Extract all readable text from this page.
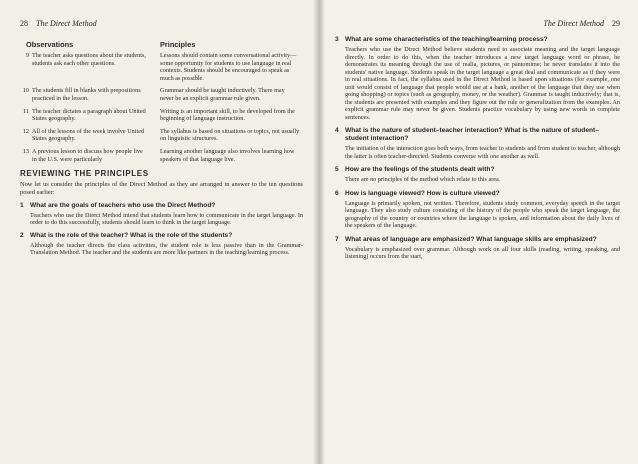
28 The Direct Method
Observations	Principles
9 The teacher asks questions about the students, students ask each other questions.
Lessons should contain some conversational activity—some opportunity for students to use language in real contexts. Students should be encouraged to speak as much as possible.
10 The students fill in blanks with prepositions practiced in the lesson.
Grammar should be taught inductively. There may never be an explicit grammar rule given.
11 The teacher dictates a paragraph about United States geography.
Writing is an important skill, to be developed from the beginning of language instruction.
12 All of the lessons of the week involve United States geography.
The syllabus is based on situations or topics, not usually on linguistic structures.
13 A previous lesson to discuss how people live in the U.S. were particularly
Learning another language also involves learning how speakers of that language live.
REVIEWING THE PRINCIPLES
Now let us consider the principles of the Direct Method as they are arranged in answer to the ten questions posed earlier:
1 What are the goals of teachers who use the Direct Method?
Teachers who use the Direct Method intend that students learn how to communicate in the target language. In order to do this successfully, students should learn to think in the target language.
2 What is the role of the teacher? What is the role of the students?
Although the teacher directs the class activities, the student role is less passive than in the Grammar-Translation Method. The teacher and the students are more like partners in the teaching/learning process.
The Direct Method 29
3 What are some characteristics of the teaching/learning process?
Teachers who use the Direct Method believe students need to associate meaning and the target language directly. In order to do this, when the teacher introduces a new target language word or phrase, he demonstrates its meaning through the use of realia, pictures, or pantomime; he never translates it into the students' native language. Students speak in the target language a great deal and communicate as if they were in real situations. In fact, the syllabus used in the Direct Method is based upon situations (for example, one unit would consist of language that people would use at a bank, another of the language that they use when going shopping) or topics (such as geography, money, or the weather). Grammar is taught inductively; that is, the students are presented with examples and they figure out the rule or generalization from the examples. An explicit grammar rule may never be given. Students practice vocabulary by using new words in complete sentences.
4 What is the nature of student–teacher interaction? What is the nature of student–student interaction?
The initiation of the interaction goes both ways, from teacher to students and from student to teacher, although the latter is often teacher-directed. Students converse with one another as well.
5 How are the feelings of the students dealt with?
There are no principles of the method which relate to this area.
6 How is language viewed? How is culture viewed?
Language is primarily spoken, not written. Therefore, students study common, everyday speech in the target language. They also study culture consisting of the history of the people who speak the target language, the geography of the country or countries where the language is spoken, and information about the daily lives of the speakers of the language.
7 What areas of language are emphasized? What language skills are emphasized?
Vocabulary is emphasized over grammar. Although work on all four skills (reading, writing, speaking, and listening) occurs from the start,
